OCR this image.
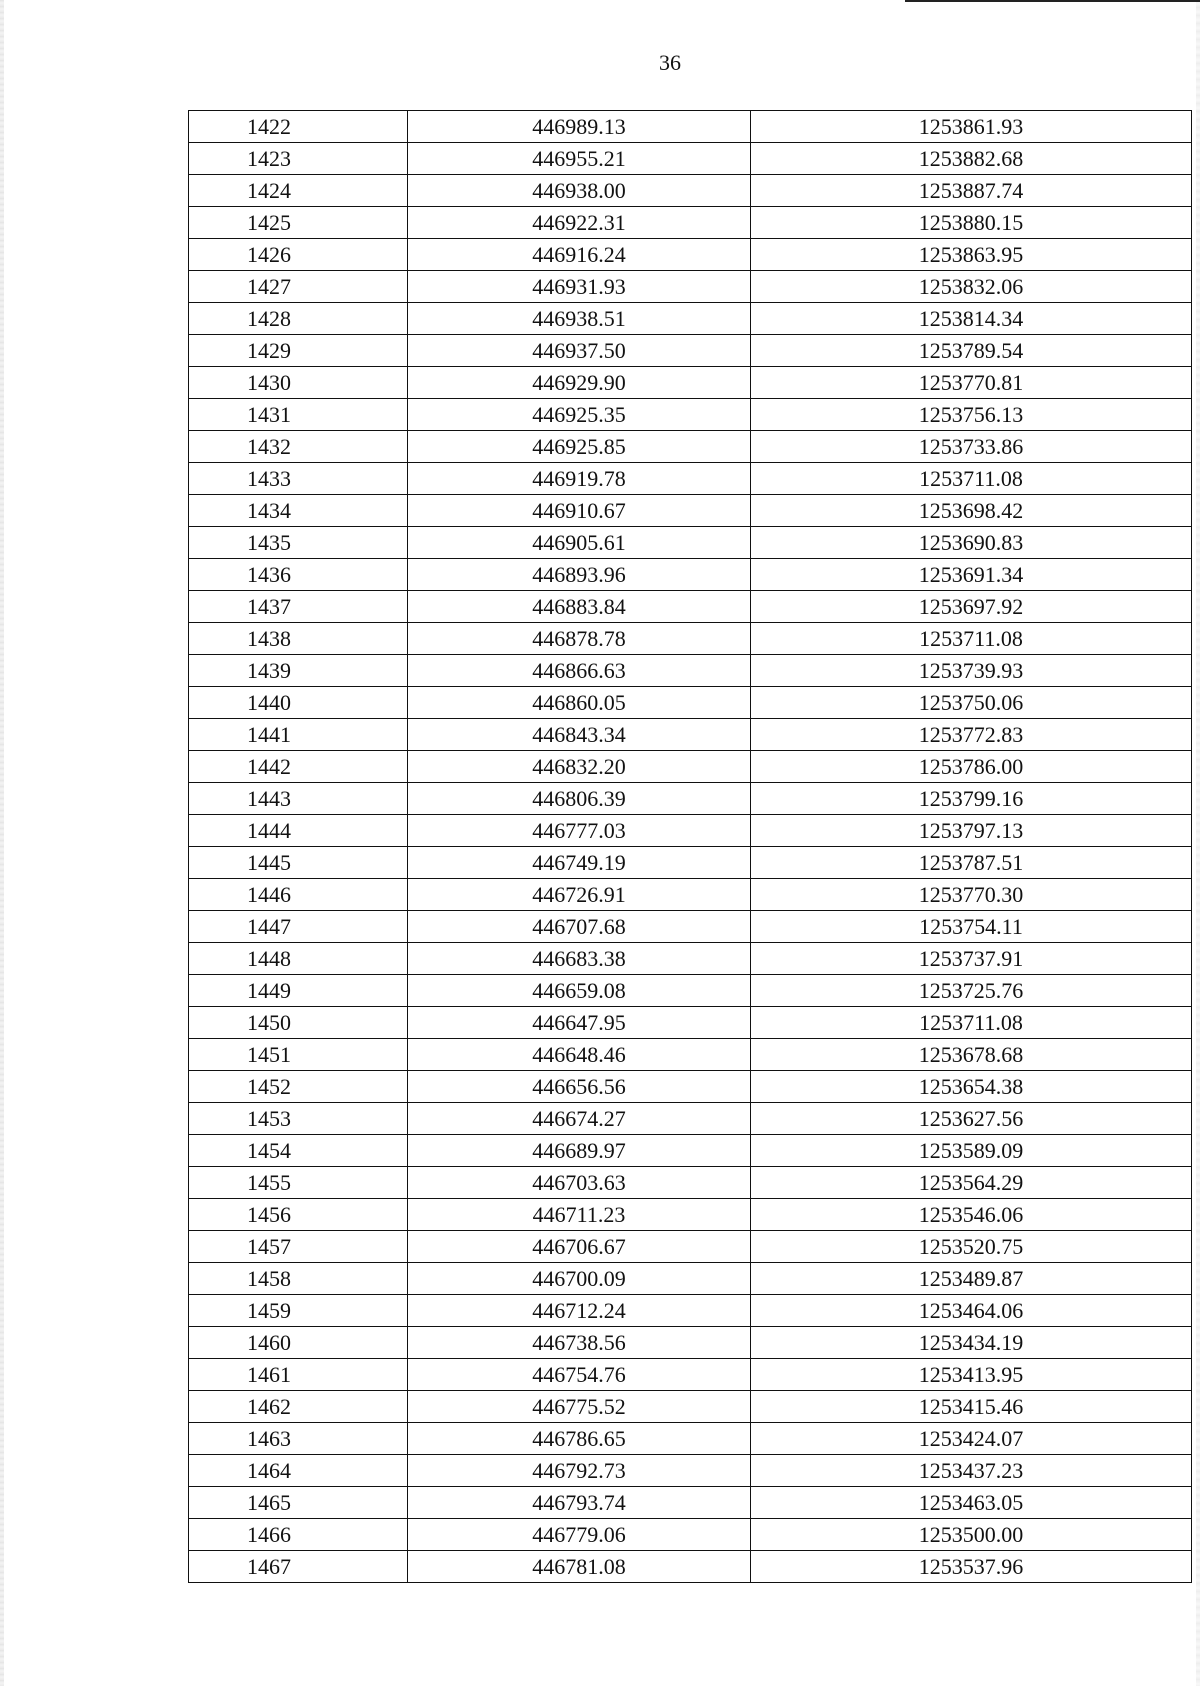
36
1422	446989.13	1253861.93
1423	446955.21	1253882.68
1424	446938.00	1253887.74
1425	446922.31	1253880.15
1426	446916.24	1253863.95
1427	446931.93	1253832.06
1428	446938.51	1253814.34
1429	446937.50	1253789.54
1430	446929.90	1253770.81
1431	446925.35	1253756.13
1432	446925.85	1253733.86
1433	446919.78	1253711.08
1434	446910.67	1253698.42
1435	446905.61	1253690.83
1436	446893.96	1253691.34
1437	446883.84	1253697.92
1438	446878.78	1253711.08
1439	446866.63	1253739.93
1440	446860.05	1253750.06
1441	446843.34	1253772.83
1442	446832.20	1253786.00
1443	446806.39	1253799.16
1444	446777.03	1253797.13
1445	446749.19	1253787.51
1446	446726.91	1253770.30
1447	446707.68	1253754.11
1448	446683.38	1253737.91
1449	446659.08	1253725.76
1450	446647.95	1253711.08
1451	446648.46	1253678.68
1452	446656.56	1253654.38
1453	446674.27	1253627.56
1454	446689.97	1253589.09
1455	446703.63	1253564.29
1456	446711.23	1253546.06
1457	446706.67	1253520.75
1458	446700.09	1253489.87
1459	446712.24	1253464.06
1460	446738.56	1253434.19
1461	446754.76	1253413.95
1462	446775.52	1253415.46
1463	446786.65	1253424.07
1464	446792.73	1253437.23
1465	446793.74	1253463.05
1466	446779.06	1253500.00
1467	446781.08	1253537.96
